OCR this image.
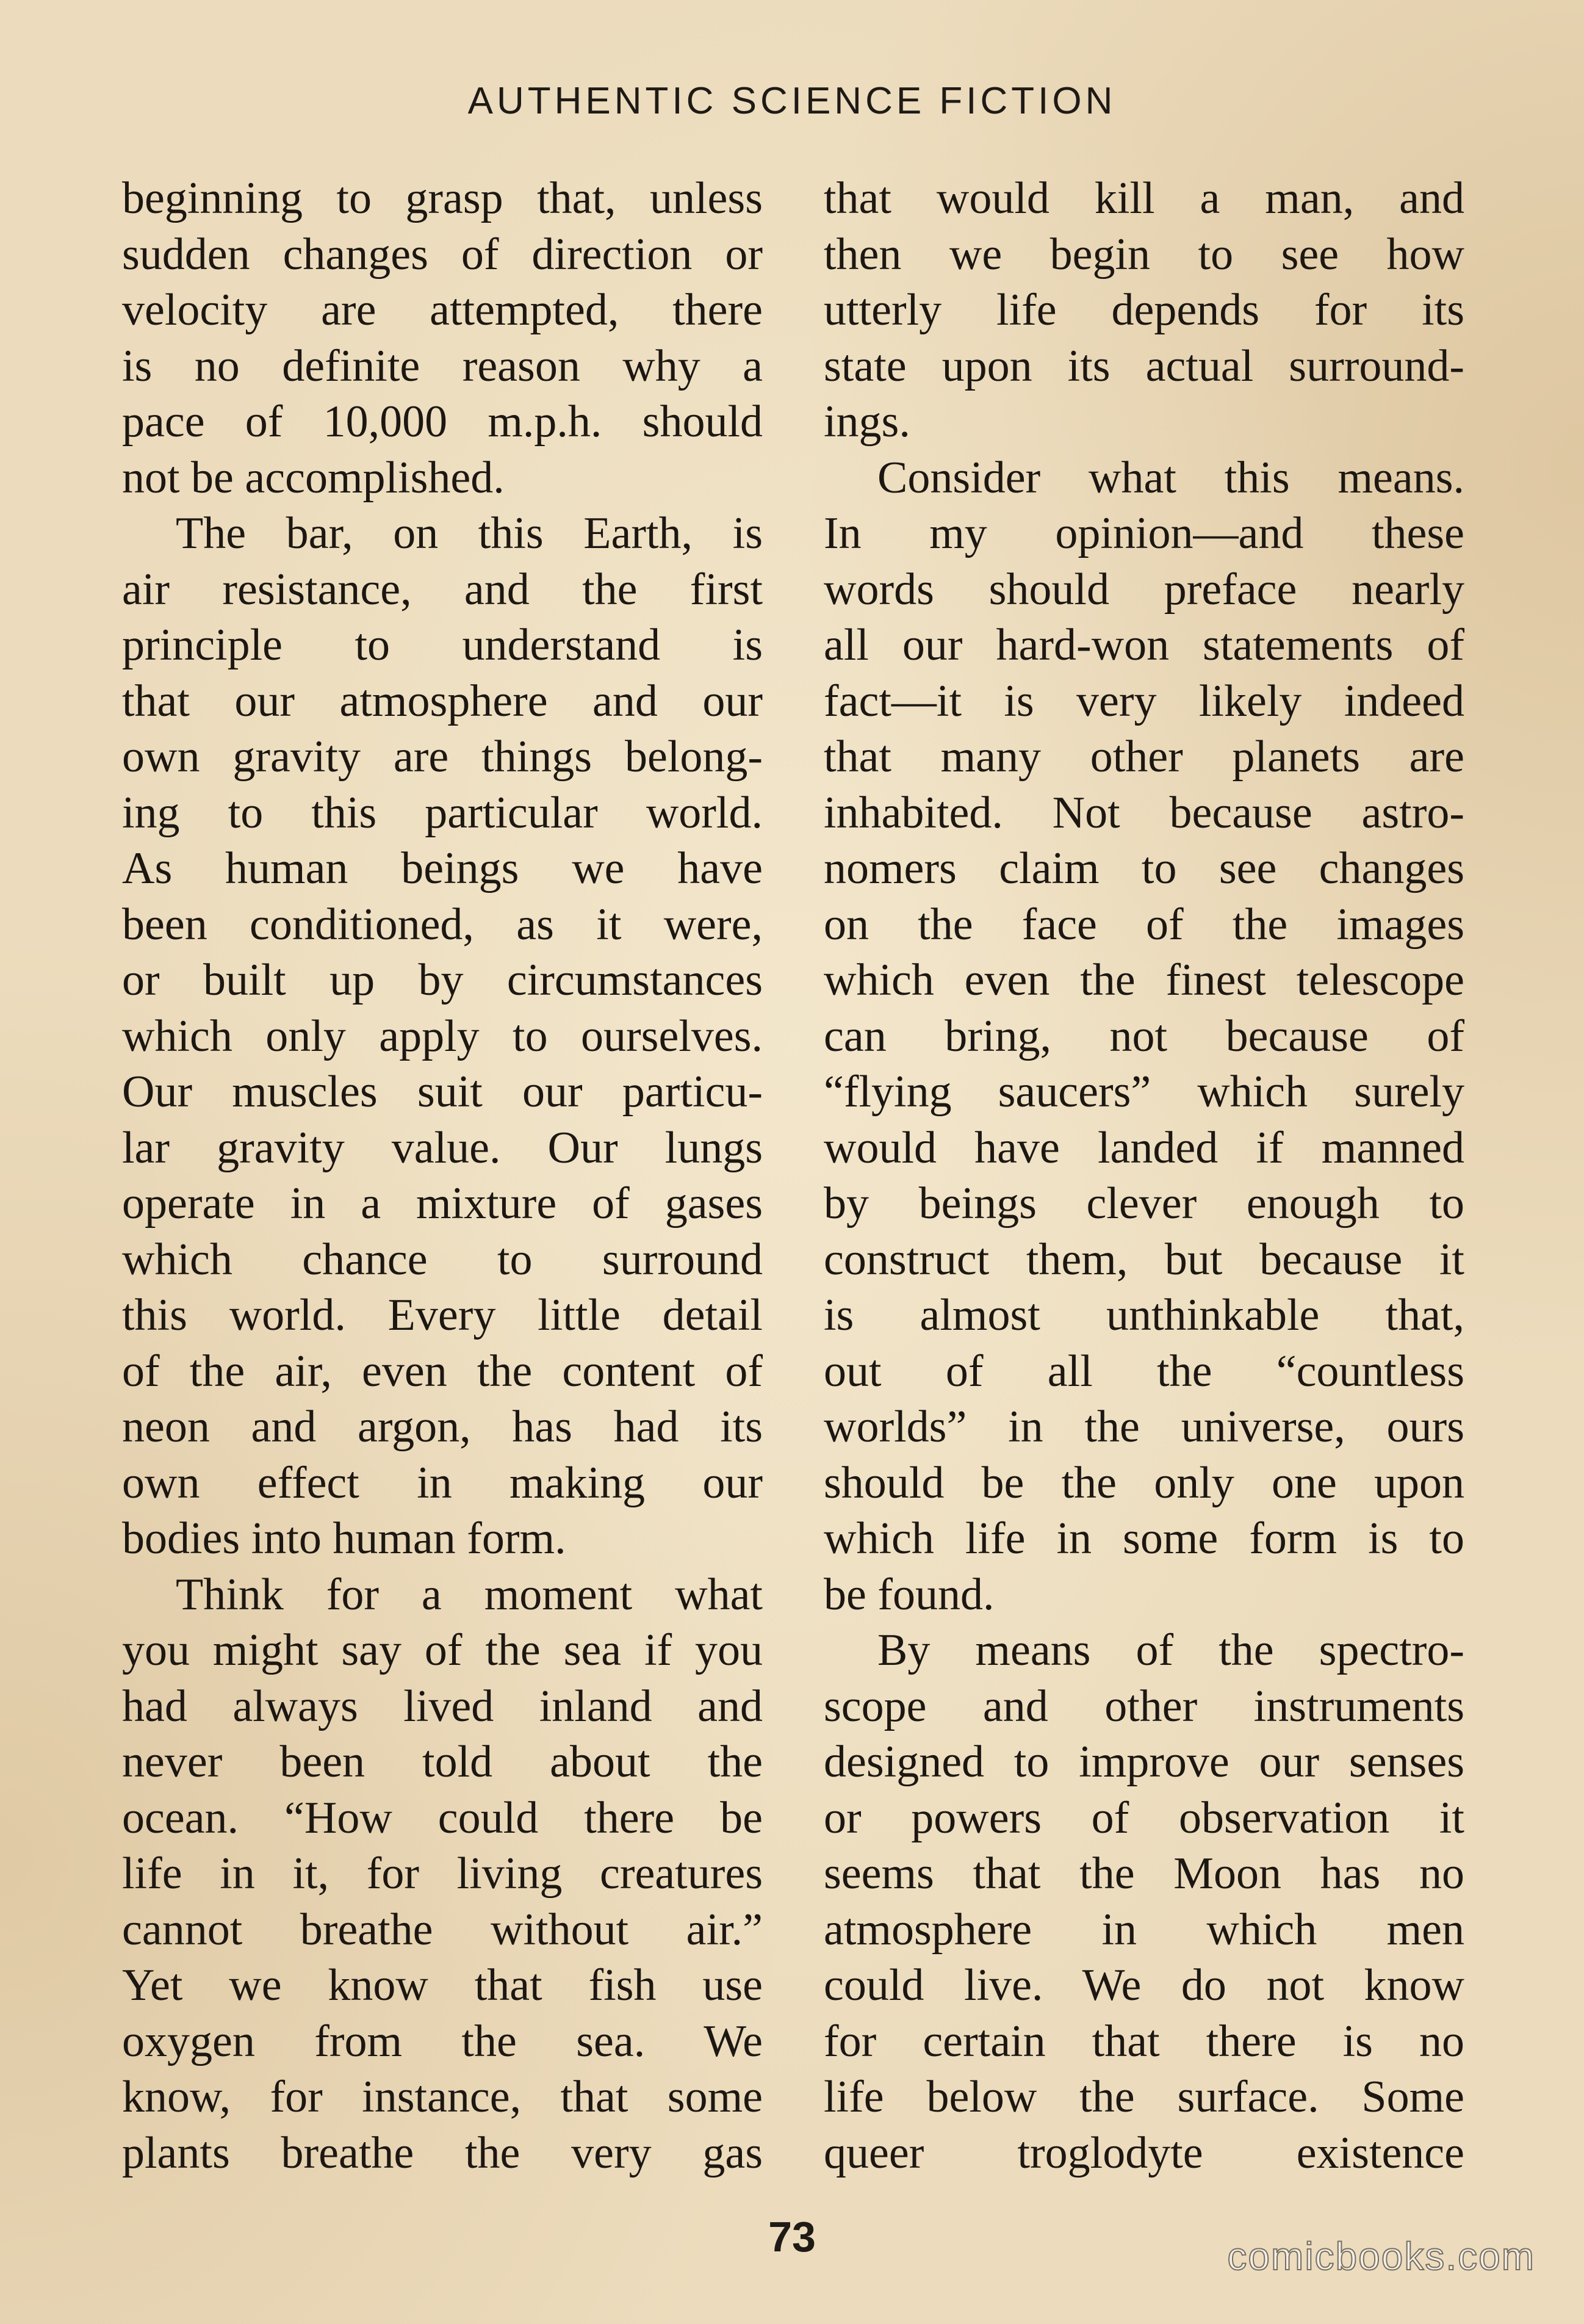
AUTHENTIC SCIENCE FICTION
beginning to grasp that, unless
sudden changes of direction or
velocity are attempted, there
is no definite reason why a
pace of 10,000 m.p.h. should
not be accomplished.
The bar, on this Earth, is
air resistance, and the first
principle to understand is
that our atmosphere and our
own gravity are things belong-
ing to this particular world.
As human beings we have
been conditioned, as it were,
or built up by circumstances
which only apply to ourselves.
Our muscles suit our particu-
lar gravity value. Our lungs
operate in a mixture of gases
which chance to surround
this world. Every little detail
of the air, even the content of
neon and argon, has had its
own effect in making our
bodies into human form.
Think for a moment what
you might say of the sea if you
had always lived inland and
never been told about the
ocean. “How could there be
life in it, for living creatures
cannot breathe without air.”
Yet we know that fish use
oxygen from the sea. We
know, for instance, that some
plants breathe the very gas
that would kill a man, and
then we begin to see how
utterly life depends for its
state upon its actual surround-
ings.
Consider what this means.
In my opinion—and these
words should preface nearly
all our hard-won statements of
fact—it is very likely indeed
that many other planets are
inhabited. Not because astro-
nomers claim to see changes
on the face of the images
which even the finest telescope
can bring, not because of
“flying saucers” which surely
would have landed if manned
by beings clever enough to
construct them, but because it
is almost unthinkable that,
out of all the “countless
worlds” in the universe, ours
should be the only one upon
which life in some form is to
be found.
By means of the spectro-
scope and other instruments
designed to improve our senses
or powers of observation it
seems that the Moon has no
atmosphere in which men
could live. We do not know
for certain that there is no
life below the surface. Some
queer troglodyte existence
73	comicbooks.com
